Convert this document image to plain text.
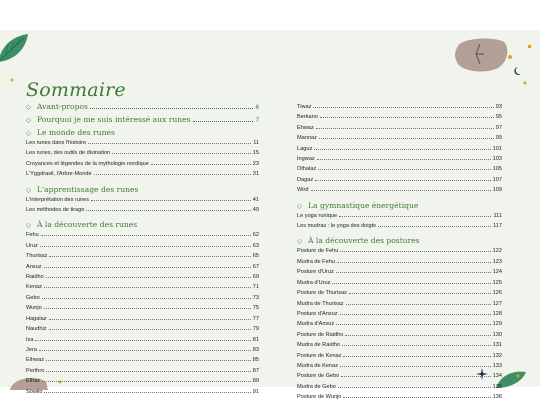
Sommaire
◇ Avant-propos	6
◇ Pourquoi je me suis intéressé aux runes	7
◇ Le monde des runes
Les runes dans l'histoire	11
Les runes, des outils de divination	15
Croyances et légendes de la mythologie nordique	23
L'Yggdrasil, l'Arbre-Monde	31
◇ L'apprentissage des runes
L'interprétation des runes	41
Les méthodes de tirage	49
◇ À la découverte des runes
Fehu	62
Uruz	63
Thurisaz	65
Ansuz	67
Raidho	69
Kenaz	71
Gebo	73
Wunjo	75
Hagalaz	77
Naudhiz	79
Isa	81
Jera	83
Eihwaz	85
Perthro	87
Elhaz	89
Sowilo	91
Tiwaz	93
Berkano	95
Ehwaz	97
Mannaz	99
Laguz	101
Ingwaz	103
Othalaz	105
Dagaz	107
Wird	109
◇ La gymnastique énergétique
Le yoga runique	111
Les mudras : le yoga des doigts	117
◇ À la découverte des postures
Posture de Fehu	122
Mudra de Fehu	123
Posture d'Uruz	124
Mudra d'Uruz	125
Posture de Thurisaz	126
Mudra de Thurisaz	127
Posture d'Ansuz	128
Mudra d'Ansuz	129
Posture de Raidho	130
Mudra de Raidho	131
Posture de Kenaz	132
Mudra de Kenaz	133
Posture de Gebo	134
Mudra de Gebo	135
Posture de Wunjo	136
